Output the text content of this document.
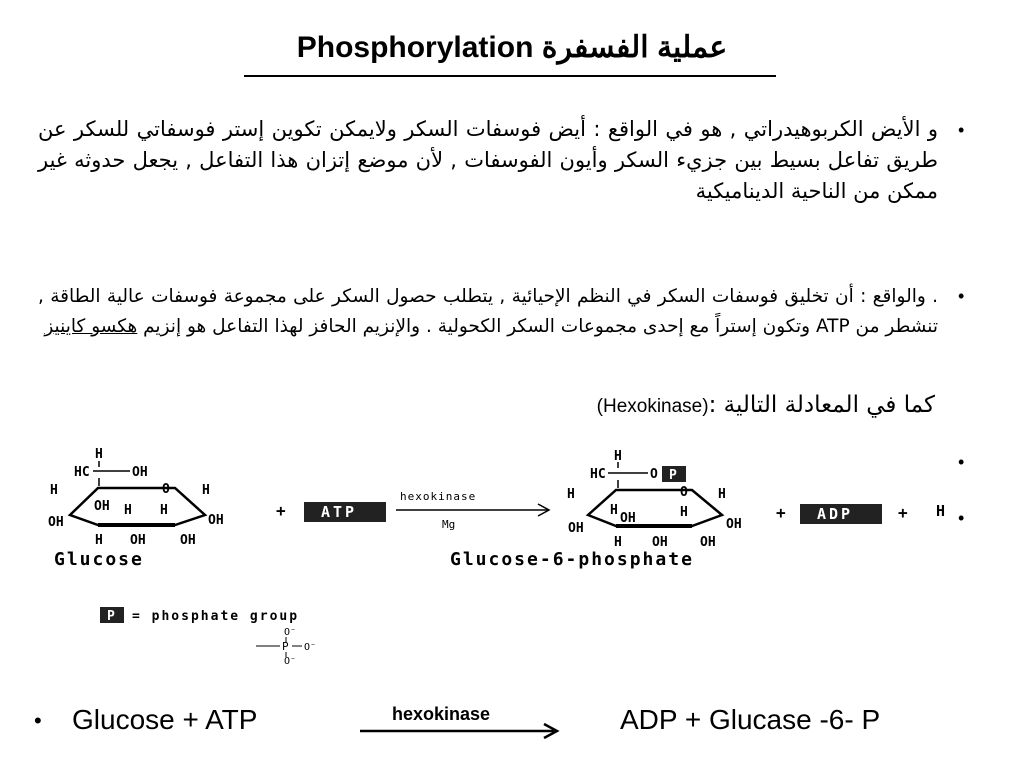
Phosphorylation عملية الفسفرة
•
و الأيض الكربوهيدراتي , هو في الواقع : أيض فوسفات السكر ولايمكن تكوين إستر فوسفاتي للسكر عن طريق تفاعل بسيط بين جزيء السكر وأيون الفوسفات , لأن موضع إتزان هذا التفاعل , يجعل حدوثه غير ممكن من الناحية الديناميكية
•
. والواقع : أن تخليق فوسفات السكر في النظم الإحيائية , يتطلب حصول السكر على مجموعة فوسفات عالية الطاقة , تنشطر من ATP وتكون إستراً مع إحدى مجموعات السكر الكحولية . والإنزيم الحافز لهذا التفاعل هو إنزيم هكسو كاينيز
كما في المعادلة التالية :(Hexokinase)
•
•
H
HC	OH
O
H	H
OH	OH
OH H H
H OH	OH
Glucose
+ ATP
hexokinase
Mg
H
HC	O P
O
H	H
OH	OH
H
OH	H
H OH OH
Glucose-6-phosphate
+ ADP	+ H
P = phosphate group
O⁻
P O⁻
O⁻
• Glucose + ATP	hexokinase	ADP + Glucase -6- P
